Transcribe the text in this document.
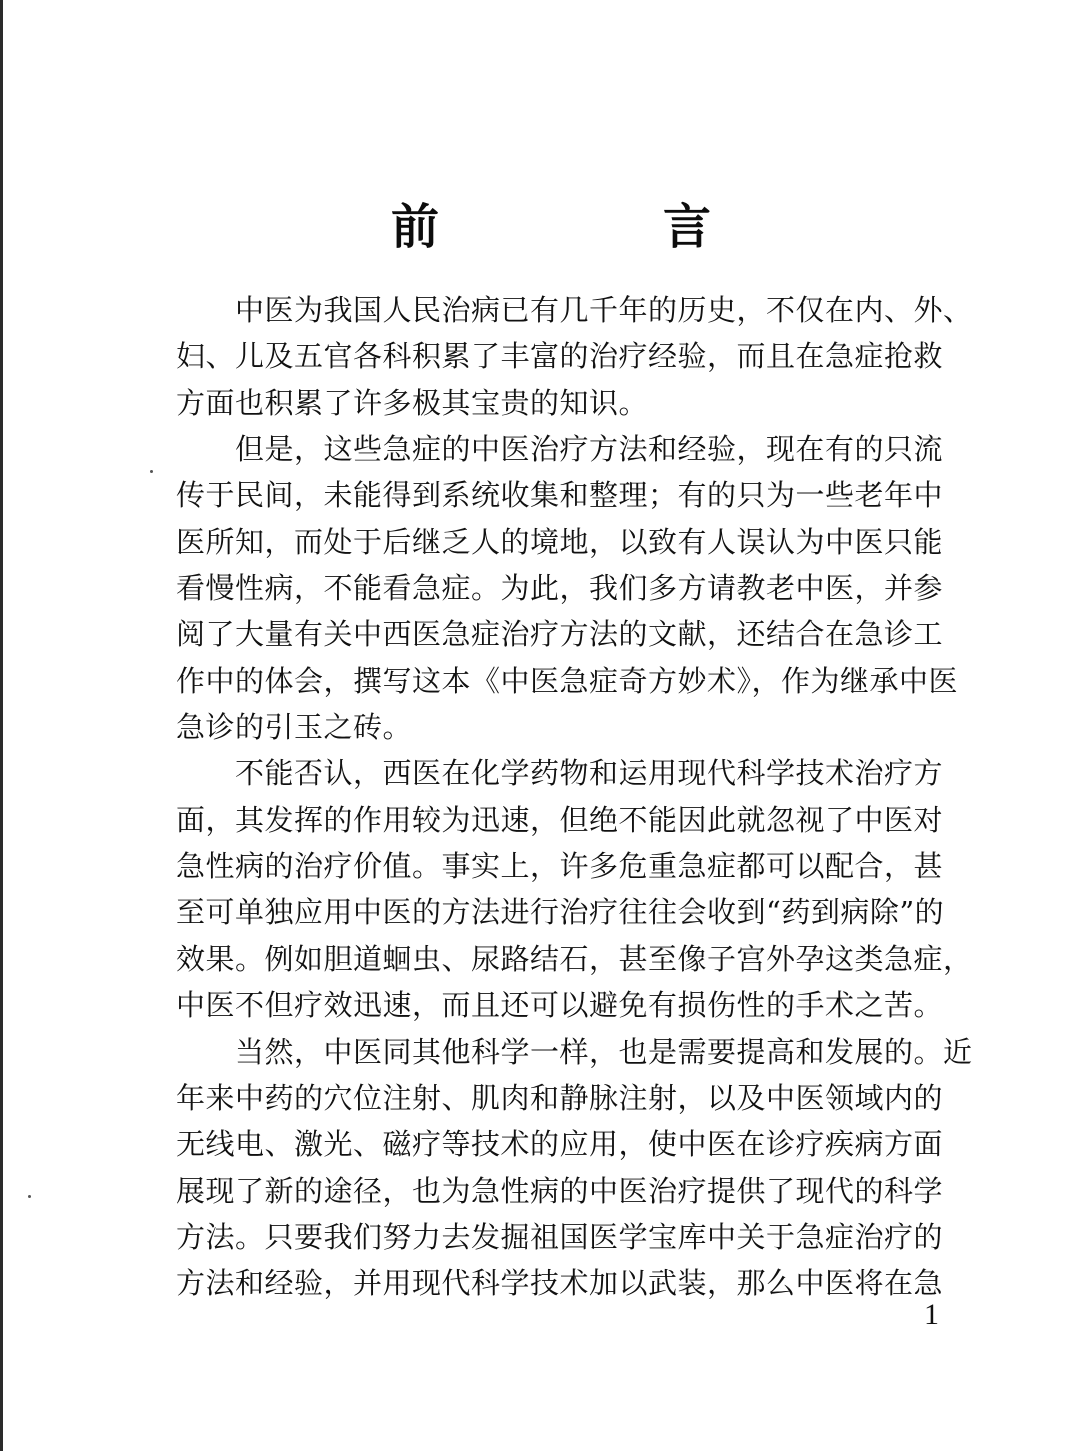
前　言

　　中医为我国人民治病已有几千年的历史，不仅在内、外、
妇、儿及五官各科积累了丰富的治疗经验，而且在急症抢救
方面也积累了许多极其宝贵的知识。

　　但是，这些急症的中医治疗方法和经验，现在有的只流
传于民间，未能得到系统收集和整理；有的只为一些老年中
医所知，而处于后继乏人的境地，以致有人误认为中医只能
看慢性病，不能看急症。为此，我们多方请教老中医，并参
阅了大量有关中西医急症治疗方法的文献，还结合在急诊工
作中的体会，撰写这本《中医急症奇方妙术》，作为继承中医
急诊的引玉之砖。

　　不能否认，西医在化学药物和运用现代科学技术治疗方
面，其发挥的作用较为迅速，但绝不能因此就忽视了中医对
急性病的治疗价值。事实上，许多危重急症都可以配合，甚
至可单独应用中医的方法进行治疗往往会收到“药到病除”的
效果。例如胆道蛔虫、尿路结石，甚至像子宫外孕这类急症，
中医不但疗效迅速，而且还可以避免有损伤性的手术之苦。

　　当然，中医同其他科学一样，也是需要提高和发展的。近
年来中药的穴位注射、肌肉和静脉注射，以及中医领域内的
无线电、激光、磁疗等技术的应用，使中医在诊疗疾病方面
展现了新的途径，也为急性病的中医治疗提供了现代的科学
方法。只要我们努力去发掘祖国医学宝库中关于急症治疗的
方法和经验，并用现代科学技术加以武装，那么中医将在急

1
